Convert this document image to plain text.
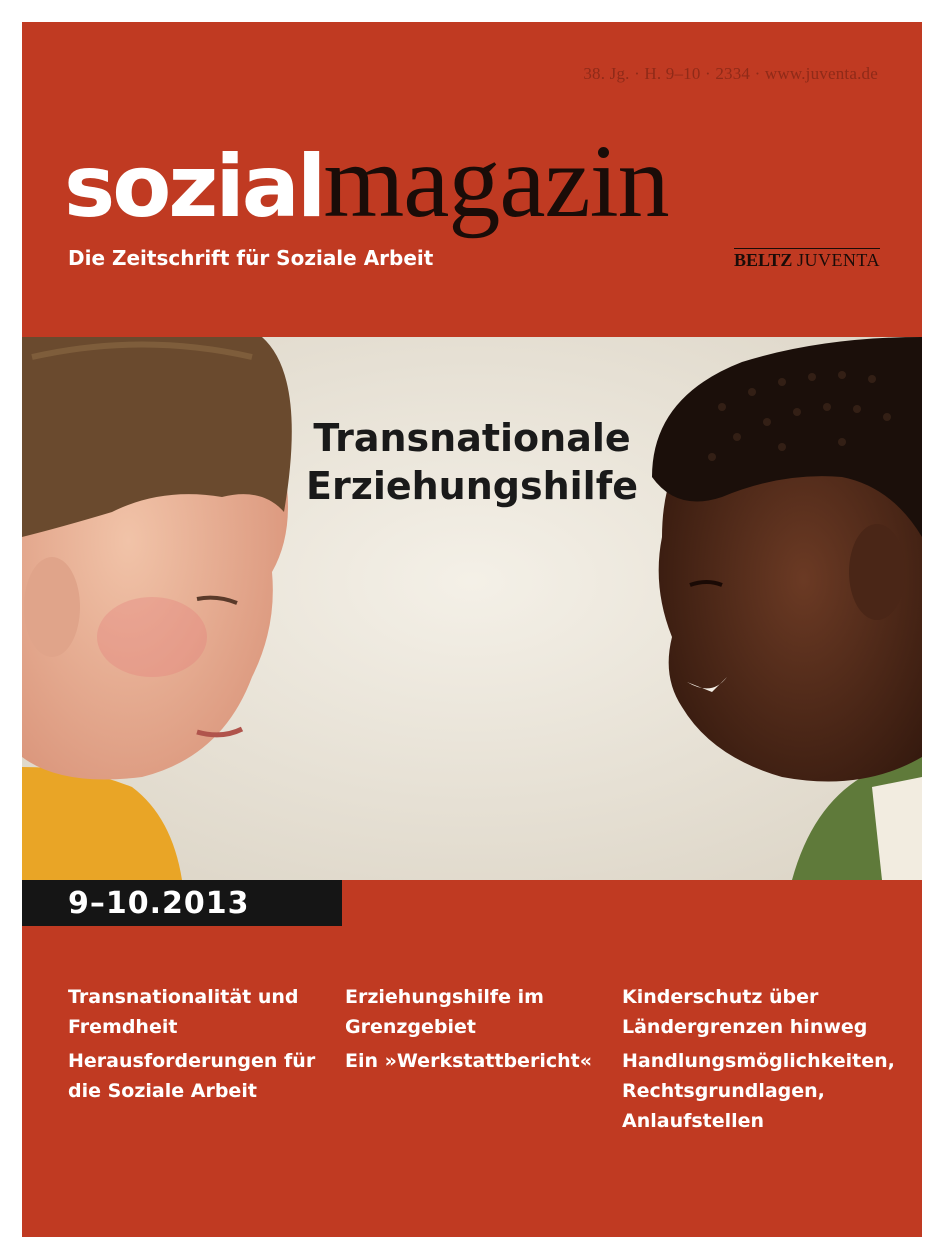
38. Jg. · H. 9–10 · 2334 · www.juventa.de
sozialmagazin
Die Zeitschrift für Soziale Arbeit	BELTZ JUVENTA
Transnationale
Erziehungshilfe
9–10.2013
Transnationalität und Fremdheit
Herausforderungen für die Soziale Arbeit
Erziehungshilfe im Grenzgebiet
Ein »Werkstattbericht«
Kinderschutz über Ländergrenzen hinweg
Handlungsmöglichkeiten, Rechtsgrundlagen, Anlaufstellen
